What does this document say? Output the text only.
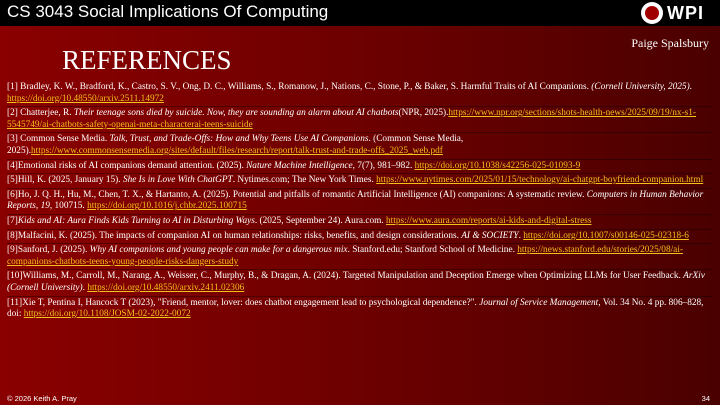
CS 3043 Social Implications Of Computing	WPI
Paige Spalsbury
REFERENCES
[1] Bradley, K. W., Bradford, K., Castro, S. V., Ong, D. C., Williams, S., Romanow, J., Nations, C., Stone, P., & Baker, S. Harmful Traits of AI Companions. (Cornell University, 2025). https://doi.org/10.48550/arxiv.2511.14972
[2] Chatterjee, R. Their teenage sons died by suicide. Now, they are sounding an alarm about AI chatbots(NPR, 2025).https://www.npr.org/sections/shots-health-news/2025/09/19/nx-s1-5545749/ai-chatbots-safety-openai-meta-characterai-teens-suicide
[3] Common Sense Media. Talk, Trust, and Trade-Offs: How and Why Teens Use AI Companions. (Common Sense Media, 2025).https://www.commonsensemedia.org/sites/default/files/research/report/talk-trust-and-trade-offs_2025_web.pdf
[4]Emotional risks of AI companions demand attention. (2025). Nature Machine Intelligence, 7(7), 981–982. https://doi.org/10.1038/s42256-025-01093-9
[5]Hill, K. (2025, January 15). She Is in Love With ChatGPT. Nytimes.com; The New York Times. https://www.nytimes.com/2025/01/15/technology/ai-chatgpt-boyfriend-companion.html
[6]Ho, J. Q. H., Hu, M., Chen, T. X., & Hartanto, A. (2025). Potential and pitfalls of romantic Artificial Intelligence (AI) companions: A systematic review. Computers in Human Behavior Reports, 19, 100715. https://doi.org/10.1016/j.chbr.2025.100715
[7]Kids and AI: Aura Finds Kids Turning to AI in Disturbing Ways. (2025, September 24). Aura.com. https://www.aura.com/reports/ai-kids-and-digital-stress
[8]Malfacini, K. (2025). The impacts of companion AI on human relationships: risks, benefits, and design considerations. AI & SOCIETY. https://doi.org/10.1007/s00146-025-02318-6
[9]Sanford, J. (2025). Why AI companions and young people can make for a dangerous mix. Stanford.edu; Stanford School of Medicine. https://news.stanford.edu/stories/2025/08/ai-companions-chatbots-teens-young-people-risks-dangers-study
[10]Williams, M., Carroll, M., Narang, A., Weisser, C., Murphy, B., & Dragan, A. (2024). Targeted Manipulation and Deception Emerge when Optimizing LLMs for User Feedback. ArXiv (Cornell University). https://doi.org/10.48550/arxiv.2411.02306
[11]Xie T, Pentina I, Hancock T (2023), "Friend, mentor, lover: does chatbot engagement lead to psychological dependence?". Journal of Service Management, Vol. 34 No. 4 pp. 806–828, doi: https://doi.org/10.1108/JOSM-02-2022-0072
© 2026 Keith A. Pray	34
